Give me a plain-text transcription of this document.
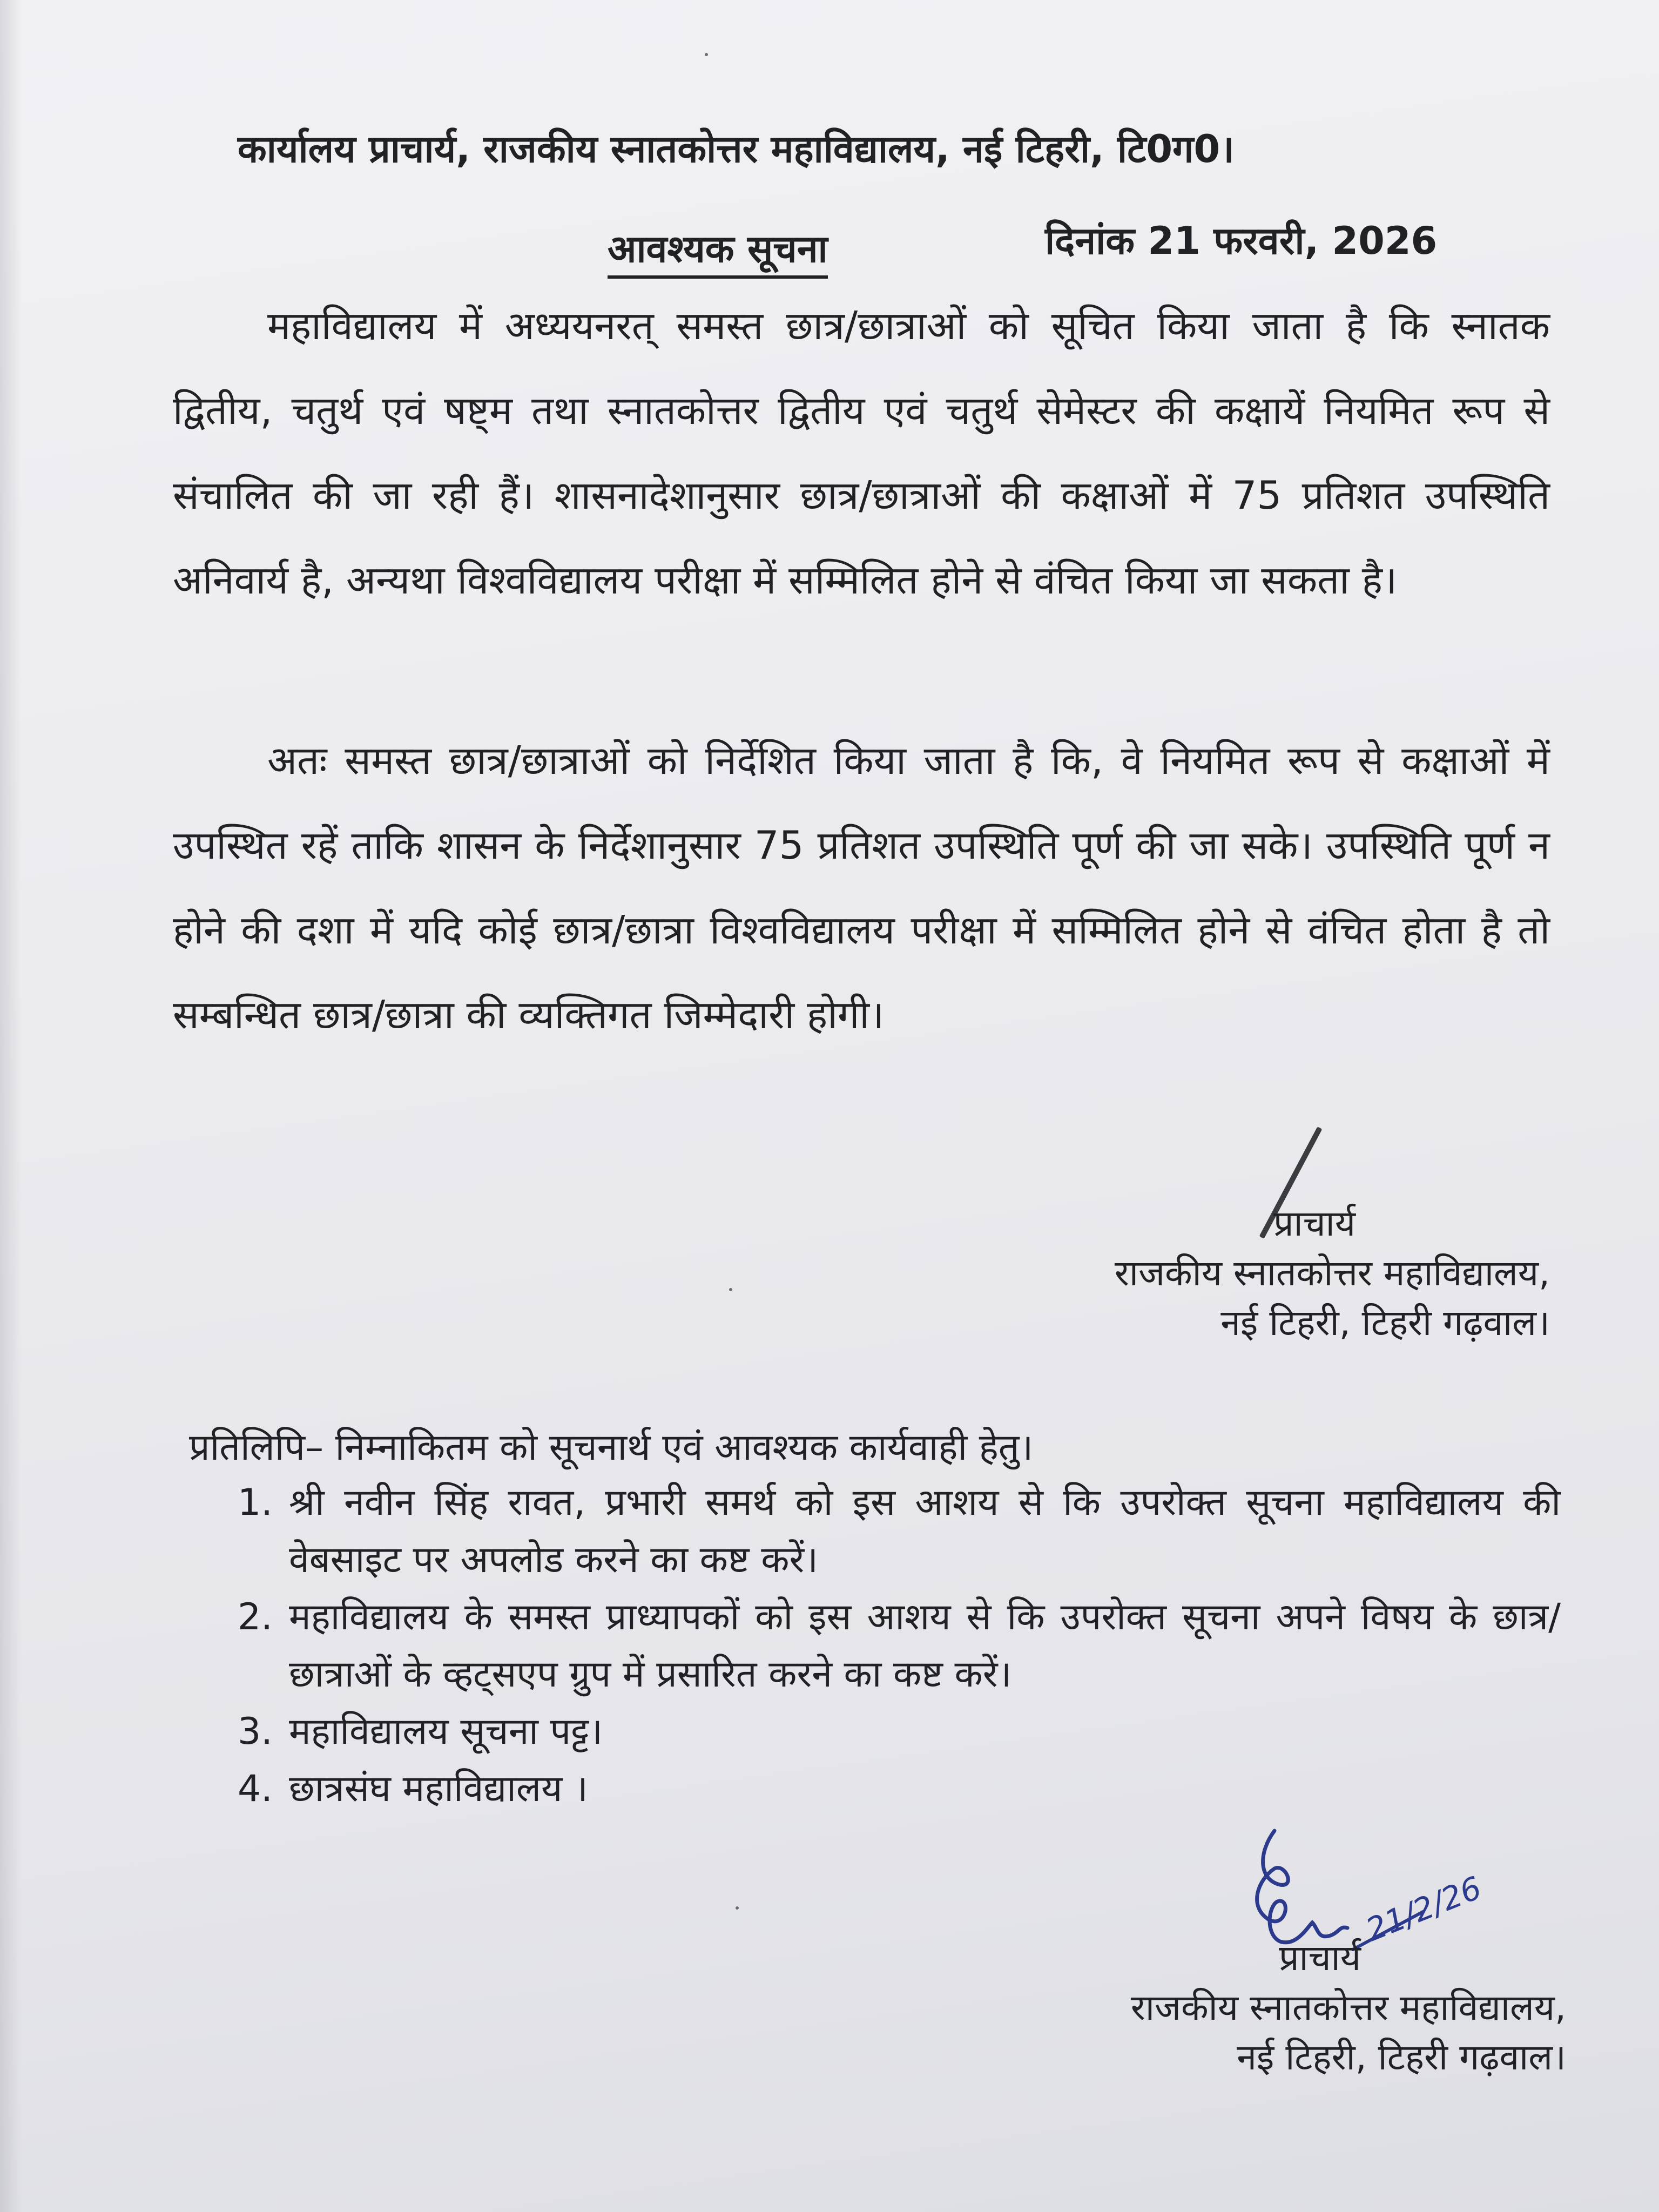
कार्यालय प्राचार्य, राजकीय स्नातकोत्तर महाविद्यालय, नई टिहरी, टि0ग0।
आवश्यक सूचना	दिनांक 21 फरवरी, 2026

महाविद्यालय में अध्ययनरत् समस्त छात्र/छात्राओं को सूचित किया जाता है कि स्नातक द्वितीय, चतुर्थ एवं षष्ट्म तथा स्नातकोत्तर द्वितीय एवं चतुर्थ सेमेस्टर की कक्षायें नियमित रूप से संचालित की जा रही हैं। शासनादेशानुसार छात्र/छात्राओं की कक्षाओं में 75 प्रतिशत उपस्थिति अनिवार्य है, अन्यथा विश्वविद्यालय परीक्षा में सम्मिलित होने से वंचित किया जा सकता है।

अतः समस्त छात्र/छात्राओं को निर्देशित किया जाता है कि, वे नियमित रूप से कक्षाओं में उपस्थित रहें ताकि शासन के निर्देशानुसार 75 प्रतिशत उपस्थिति पूर्ण की जा सके। उपस्थिति पूर्ण न होने की दशा में यदि कोई छात्र/छात्रा विश्वविद्यालय परीक्षा में सम्मिलित होने से वंचित होता है तो सम्बन्धित छात्र/छात्रा की व्यक्तिगत जिम्मेदारी होगी।

प्राचार्य
राजकीय स्नातकोत्तर महाविद्यालय,
नई टिहरी, टिहरी गढ़वाल।
प्रतिलिपि– निम्नाकितम को सूचनार्थ एवं आवश्यक कार्यवाही हेतु।
1. श्री नवीन सिंह रावत, प्रभारी समर्थ को इस आशय से कि उपरोक्त सूचना महाविद्यालय की वेबसाइट पर अपलोड करने का कष्ट करें।
2. महाविद्यालय के समस्त प्राध्यापकों को इस आशय से कि उपरोक्त सूचना अपने विषय के छात्र/छात्राओं के व्हट्सएप ग्रुप में प्रसारित करने का कष्ट करें।
3. महाविद्यालय सूचना पट्ट।
4. छात्रसंघ महाविद्यालय ।
21/2/26
प्राचार्य
राजकीय स्नातकोत्तर महाविद्यालय,
नई टिहरी, टिहरी गढ़वाल।
